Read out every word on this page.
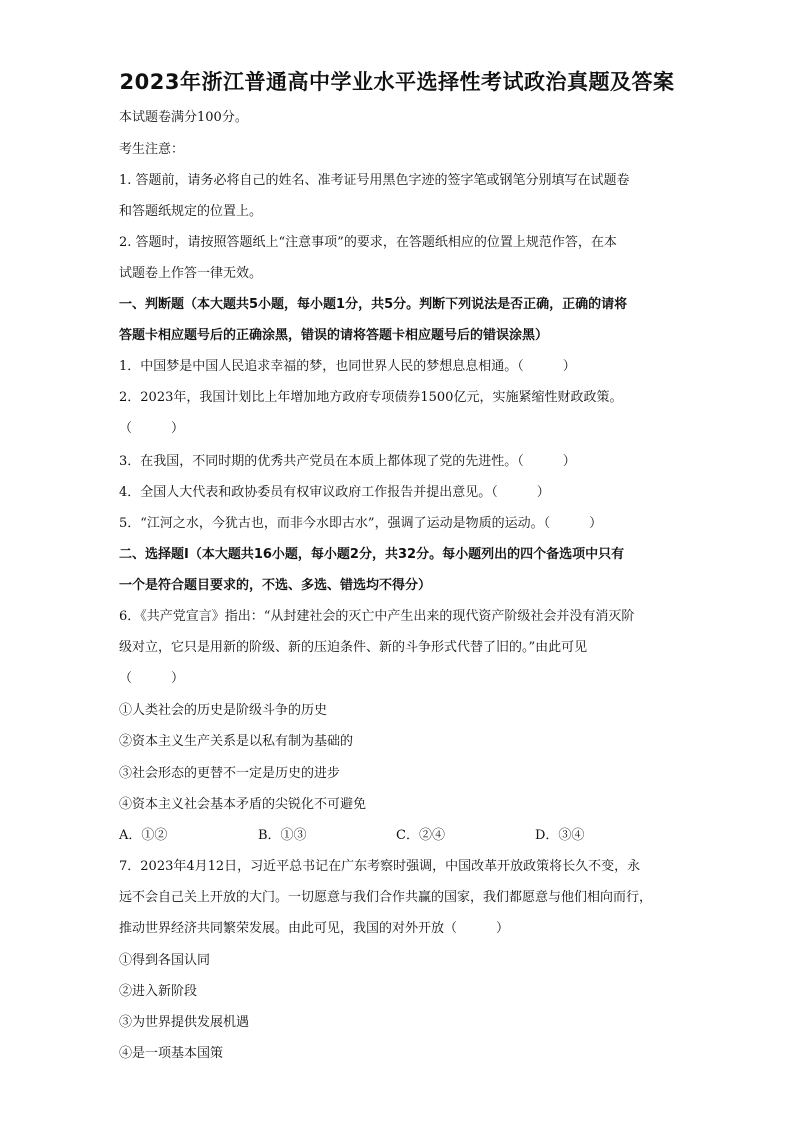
2023年浙江普通高中学业水平选择性考试政治真题及答案
本试题卷满分100分。
考生注意：
1. 答题前，请务必将自己的姓名、准考证号用黑色字迹的签字笔或钢笔分别填写在试题卷
和答题纸规定的位置上。
2. 答题时，请按照答题纸上“注意事项”的要求，在答题纸相应的位置上规范作答，在本
试题卷上作答一律无效。
一、判断题（本大题共5小题，每小题1分，共5分。判断下列说法是否正确，正确的请将
答题卡相应题号后的正确涂黑，错误的请将答题卡相应题号后的错误涂黑）
1．中国梦是中国人民追求幸福的梦，也同世界人民的梦想息息相通。（　　　）
2．2023年，我国计划比上年增加地方政府专项债券1500亿元，实施紧缩性财政政策。
（　　　）
3．在我国，不同时期的优秀共产党员在本质上都体现了党的先进性。（　　　）
4．全国人大代表和政协委员有权审议政府工作报告并提出意见。（　　　）
5．“江河之水，今犹古也，而非今水即古水”，强调了运动是物质的运动。（　　　）
二、选择题Ⅰ（本大题共16小题，每小题2分，共32分。每小题列出的四个备选项中只有
一个是符合题目要求的，不选、多选、错选均不得分）
6．《共产党宣言》指出：“从封建社会的灭亡中产生出来的现代资产阶级社会并没有消灭阶
级对立，它只是用新的阶级、新的压迫条件、新的斗争形式代替了旧的。”由此可见
（　　　）
①人类社会的历史是阶级斗争的历史
②资本主义生产关系是以私有制为基础的
③社会形态的更替不一定是历史的进步
④资本主义社会基本矛盾的尖锐化不可避免
A．①②	B．①③	C．②④	D．③④
7．2023年4月12日，习近平总书记在广东考察时强调，中国改革开放政策将长久不变，永
远不会自己关上开放的大门。一切愿意与我们合作共赢的国家，我们都愿意与他们相向而行，
推动世界经济共同繁荣发展。由此可见，我国的对外开放（　　　）
①得到各国认同
②进入新阶段
③为世界提供发展机遇
④是一项基本国策
